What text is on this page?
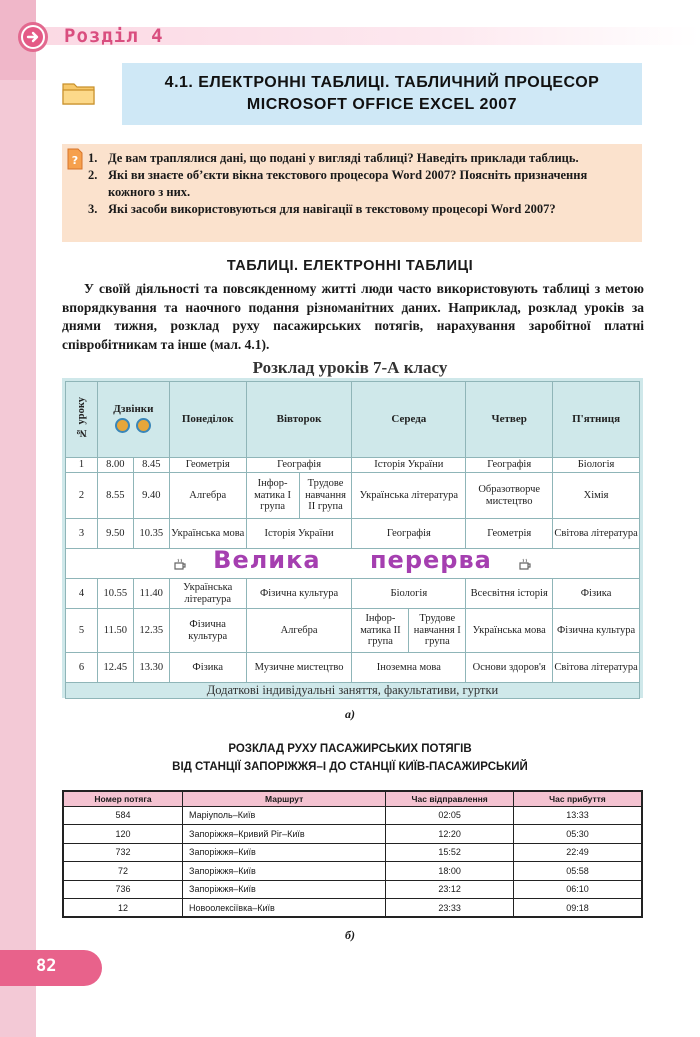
Розділ 4
4.1. ЕЛЕКТРОННІ ТАБЛИЦІ. ТАБЛИЧНИЙ ПРОЦЕСОР
MICROSOFT OFFICE EXCEL 2007
? 1. Де вам траплялися дані, що подані у вигляді таблиці? Наведіть приклади таблиць.
2. Які ви знаєте об’єкти вікна текстового процесора Word 2007? Поясніть призначення кожного з них.
3. Які засоби використовуються для навігації в текстовому процесорі Word 2007?
ТАБЛИЦІ. ЕЛЕКТРОННІ ТАБЛИЦІ
У своїй діяльності та повсякденному житті люди часто використовують таблиці з метою впорядкування та наочного подання різноманітних даних. Наприклад, розклад уроків за днями тижня, розклад руху пасажирських потягів, нарахування заробітної платні співробітникам та інше (мал. 4.1).
Розклад уроків 7-А класу
№ уроку	Дзвінки		Понеділок	Вівторок		Середа		Четвер	П'ятниця
1	8.00	8.45	Геометрія	Географія		Історія України		Географія	Біологія
2	8.55	9.40	Алгебра	Інфор-матика І група	Трудове навчання ІІ група	Українська література		Образотворче мистецтво	Хімія
3	9.50	10.35	Українська мова	Історія України		Географія		Геометрія	Світова література
Велика перерва									
4	10.55	11.40	Українська література	Фізична культура		Біологія		Всесвітня історія	Фізика
5	11.50	12.35	Фізична культура	Алгебра		Інфор-матика ІІ група	Трудове навчання І група	Українська мова	Фізична культура
6	12.45	13.30	Фізика	Музичне мистецтво		Іноземна мова		Основи здоров'я	Світова література
Додаткові індивідуальні заняття, факультативи, гуртки									
а)
РОЗКЛАД РУХУ ПАСАЖИРСЬКИХ ПОТЯГІВ
ВІД СТАНЦІЇ ЗАПОРІЖЖЯ–І ДО СТАНЦІЇ КИЇВ-ПАСАЖИРСЬКИЙ
Номер потяга	Маршрут	Час відправлення	Час прибуття
584	Маріуполь–Київ	02:05	13:33
120	Запоріжжя–Кривий Ріг–Київ	12:20	05:30
732	Запоріжжя–Київ	15:52	22:49
72	Запоріжжя–Київ	18:00	05:58
736	Запоріжжя–Київ	23:12	06:10
12	Новоолексіївка–Київ	23:33	09:18
б)
82
